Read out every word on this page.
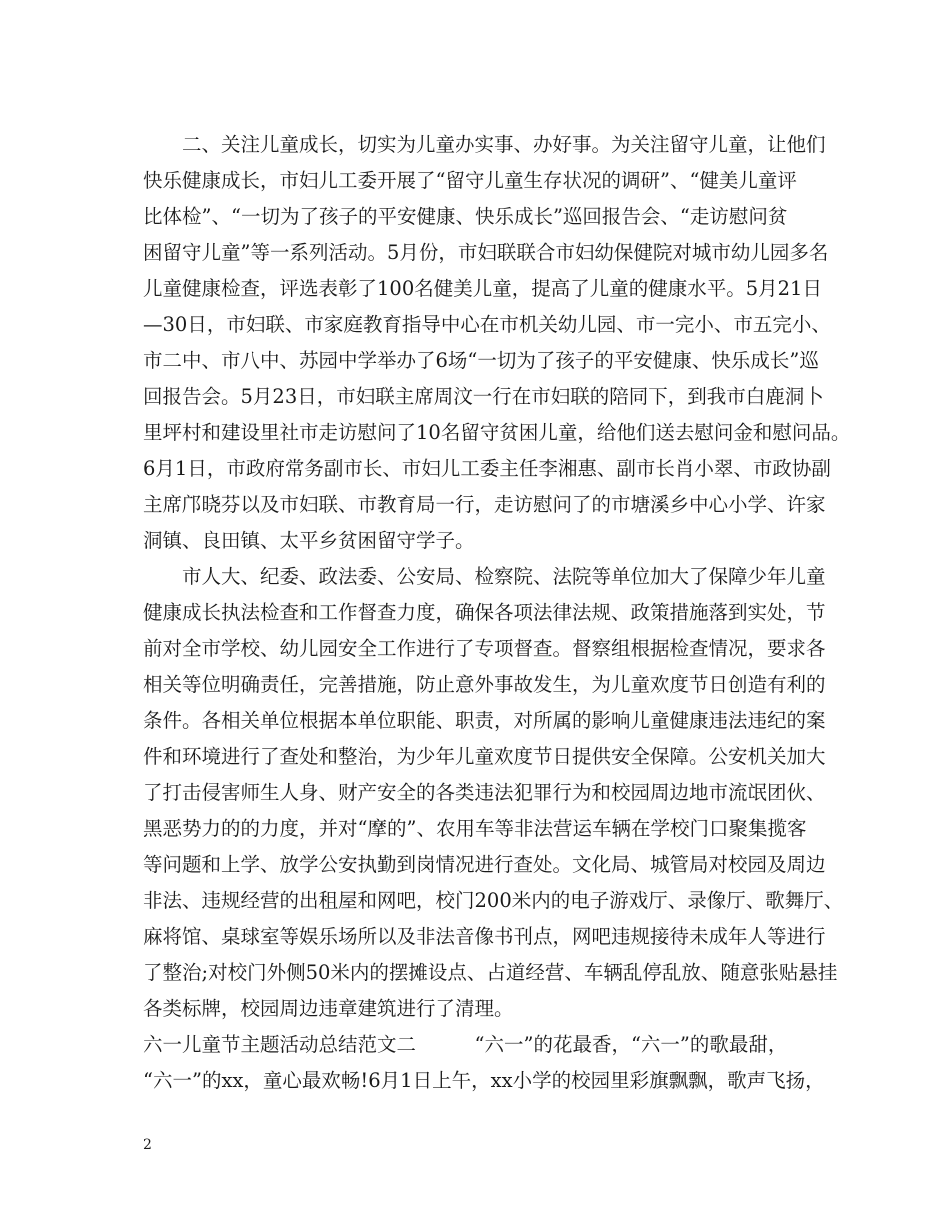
　　二、关注儿童成长，切实为儿童办实事、办好事。为关注留守儿童，让他们
快乐健康成长，市妇儿工委开展了“留守儿童生存状况的调研”、“健美儿童评
比体检”、“一切为了孩子的平安健康、快乐成长”巡回报告会、“走访慰问贫
困留守儿童”等一系列活动。5月份，市妇联联合市妇幼保健院对城市幼儿园多名
儿童健康检查，评选表彰了100名健美儿童，提高了儿童的健康水平。5月21日
—30日，市妇联、市家庭教育指导中心在市机关幼儿园、市一完小、市五完小、
市二中、市八中、苏园中学举办了6场“一切为了孩子的平安健康、快乐成长”巡
回报告会。5月23日，市妇联主席周汶一行在市妇联的陪同下，到我市白鹿洞卜
里坪村和建设里社市走访慰问了10名留守贫困儿童，给他们送去慰问金和慰问品。
6月1日，市政府常务副市长、市妇儿工委主任李湘惠、副市长肖小翠、市政协副
主席邝晓芬以及市妇联、市教育局一行，走访慰问了的市塘溪乡中心小学、许家
洞镇、良田镇、太平乡贫困留守学子。
　　市人大、纪委、政法委、公安局、检察院、法院等单位加大了保障少年儿童
健康成长执法检查和工作督查力度，确保各项法律法规、政策措施落到实处，节
前对全市学校、幼儿园安全工作进行了专项督查。督察组根据检查情况，要求各
相关等位明确责任，完善措施，防止意外事故发生，为儿童欢度节日创造有利的
条件。各相关单位根据本单位职能、职责，对所属的影响儿童健康违法违纪的案
件和环境进行了查处和整治，为少年儿童欢度节日提供安全保障。公安机关加大
了打击侵害师生人身、财产安全的各类违法犯罪行为和校园周边地市流氓团伙、
黑恶势力的的力度，并对“摩的”、农用车等非法营运车辆在学校门口聚集揽客
等问题和上学、放学公安执勤到岗情况进行查处。文化局、城管局对校园及周边
非法、违规经营的出租屋和网吧，校门200米内的电子游戏厅、录像厅、歌舞厅、
麻将馆、桌球室等娱乐场所以及非法音像书刊点，网吧违规接待未成年人等进行
了整治;对校门外侧50米内的摆摊设点、占道经营、车辆乱停乱放、随意张贴悬挂
各类标牌，校园周边违章建筑进行了清理。
六一儿童节主题活动总结范文二　　　“六一”的花最香，“六一”的歌最甜，
“六一”的xx，童心最欢畅!6月1日上午，xx小学的校园里彩旗飘飘，歌声飞扬，
2
